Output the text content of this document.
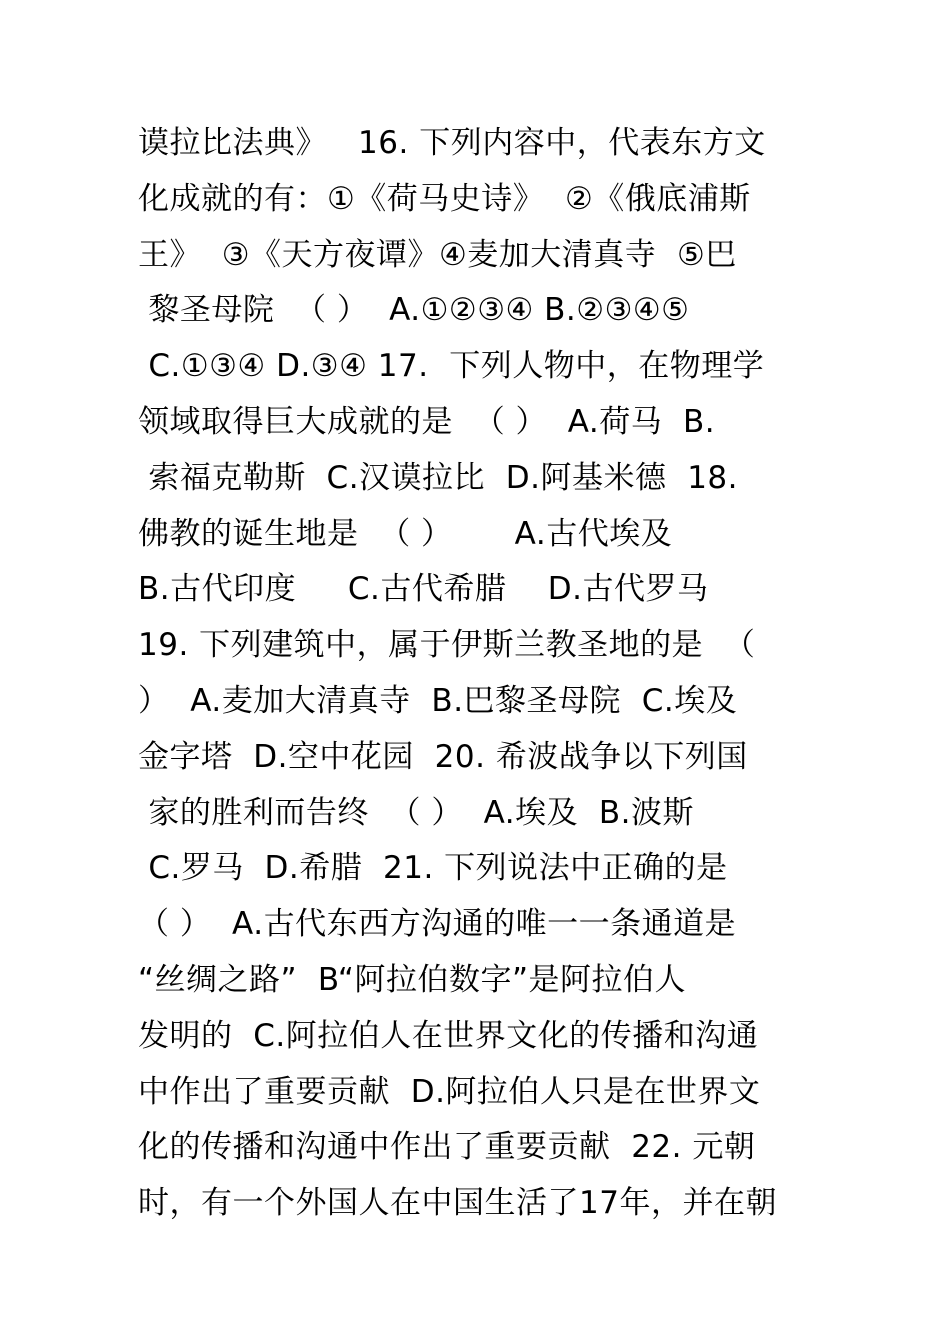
谟拉比法典》   16. 下列内容中，代表东方文
化成就的有：①《荷马史诗》  ②《俄底浦斯
王》  ③《天方夜谭》④麦加大清真寺  ⑤巴
黎圣母院  （ ）  A.①②③④ B.②③④⑤
C.①③④ D.③④ 17.  下列人物中，在物理学
领域取得巨大成就的是  （ ）  A.荷马  B.
索福克勒斯  C.汉谟拉比  D.阿基米德  18.
佛教的诞生地是  （ ）      A.古代埃及
B.古代印度     C.古代希腊    D.古代罗马
19. 下列建筑中，属于伊斯兰教圣地的是  （
）  A.麦加大清真寺  B.巴黎圣母院  C.埃及
金字塔  D.空中花园  20. 希波战争以下列国
家的胜利而告终  （ ）  A.埃及  B.波斯
C.罗马  D.希腊  21. 下列说法中正确的是
（ ）  A.古代东西方沟通的唯一一条通道是
“丝绸之路”  B“阿拉伯数字”是阿拉伯人
发明的  C.阿拉伯人在世界文化的传播和沟通
中作出了重要贡献  D.阿拉伯人只是在世界文
化的传播和沟通中作出了重要贡献  22. 元朝
时，有一个外国人在中国生活了17年，并在朝
